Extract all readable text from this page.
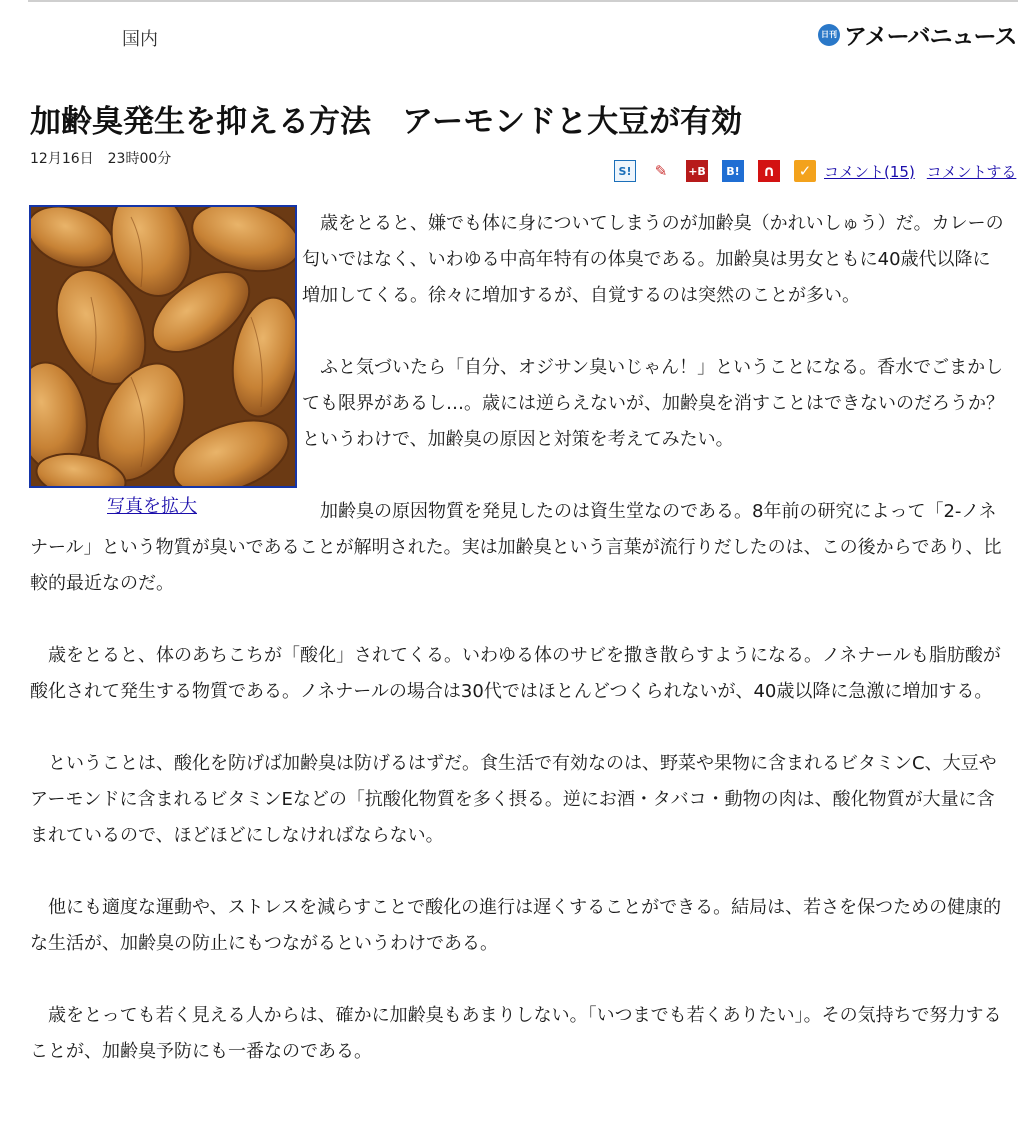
国内	日刊 アメーバニュース
加齢臭発生を抑える方法　アーモンドと大豆が有効
12月16日　23時00分
S!	✎	+B	B!	∩	✓ コメント(15) コメントする
写真を拡大

歳をとると、嫌でも体に身についてしまうのが加齢臭（かれいしゅう）だ。カレーの匂いではなく、いわゆる中高年特有の体臭である。加齢臭は男女ともに40歳代以降に増加してくる。徐々に増加するが、自覚するのは突然のことが多い。

ふと気づいたら「自分、オジサン臭いじゃん！」ということになる。香水でごまかしても限界があるし…。歳には逆らえないが、加齢臭を消すことはできないのだろうか？　というわけで、加齢臭の原因と対策を考えてみたい。

加齢臭の原因物質を発見したのは資生堂なのである。8年前の研究によって「2-ノネナール」という物質が臭いであることが解明された。実は加齢臭という言葉が流行りだしたのは、この後からであり、比較的最近なのだ。

歳をとると、体のあちこちが「酸化」されてくる。いわゆる体のサビを撒き散らすようになる。ノネナールも脂肪酸が酸化されて発生する物質である。ノネナールの場合は30代ではほとんどつくられないが、40歳以降に急激に増加する。

ということは、酸化を防げば加齢臭は防げるはずだ。食生活で有効なのは、野菜や果物に含まれるビタミンC、大豆やアーモンドに含まれるビタミンEなどの「抗酸化物質を多く摂る。逆にお酒・タバコ・動物の肉は、酸化物質が大量に含まれているので、ほどほどにしなければならない。

他にも適度な運動や、ストレスを減らすことで酸化の進行は遅くすることができる。結局は、若さを保つための健康的な生活が、加齢臭の防止にもつながるというわけである。

歳をとっても若く見える人からは、確かに加齢臭もあまりしない。「いつまでも若くありたい」。その気持ちで努力することが、加齢臭予防にも一番なのである。
